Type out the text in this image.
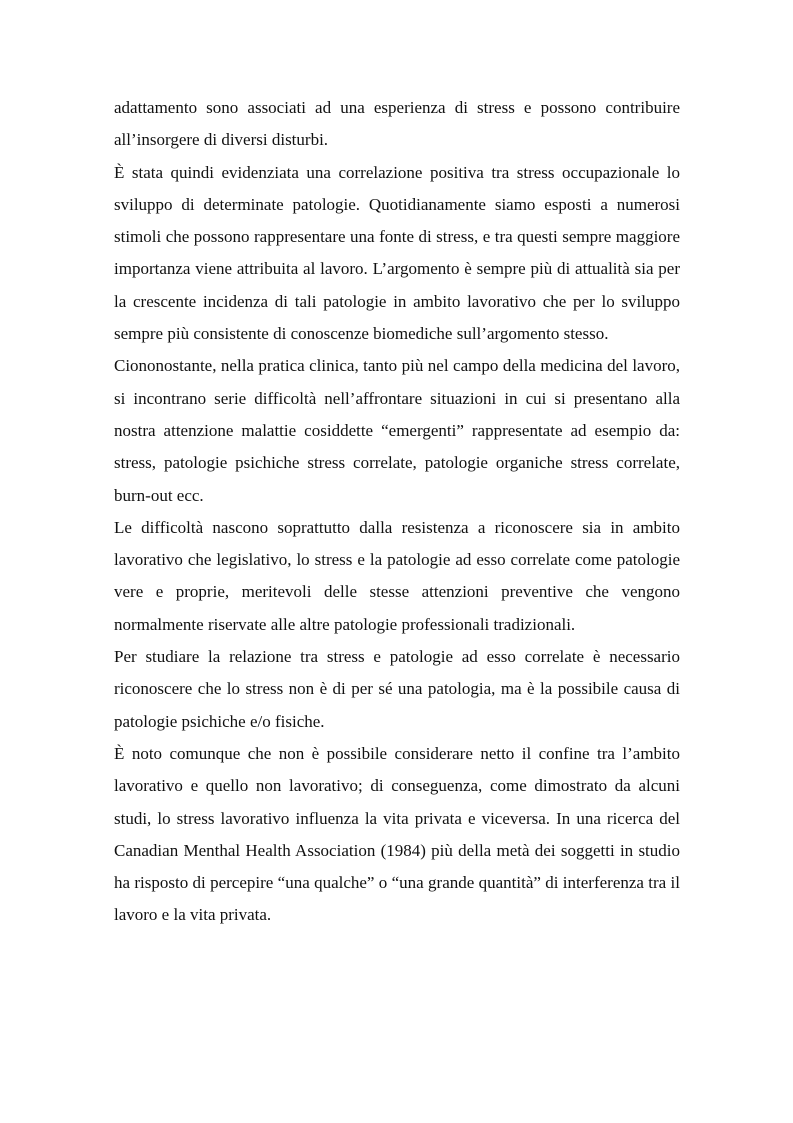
adattamento sono associati ad una esperienza di stress e possono contribuire all’insorgere di diversi disturbi.

È stata quindi evidenziata una correlazione positiva tra stress occupazionale lo sviluppo di determinate patologie. Quotidianamente siamo esposti a numerosi stimoli che possono rappresentare una fonte di stress, e tra questi sempre maggiore importanza viene attribuita al lavoro. L’argomento è sempre più di attualità sia per la crescente incidenza di tali patologie in ambito lavorativo che per lo sviluppo sempre più consistente di conoscenze biomediche sull’argomento stesso.

Ciononostante, nella pratica clinica, tanto più nel campo della medicina del lavoro, si incontrano serie difficoltà nell’affrontare situazioni in cui si presentano alla nostra attenzione malattie cosiddette “emergenti” rappresentate ad esempio da: stress, patologie psichiche stress correlate, patologie organiche stress correlate, burn-out ecc.

Le difficoltà nascono soprattutto dalla resistenza a riconoscere sia in ambito lavorativo che legislativo, lo stress e la patologie ad esso correlate come patologie vere e proprie, meritevoli delle stesse attenzioni preventive che vengono normalmente riservate alle altre patologie professionali tradizionali.

Per studiare la relazione tra stress e patologie ad esso correlate è necessario riconoscere che lo stress non è di per sé una patologia, ma è la possibile causa di patologie psichiche e/o fisiche.

È noto comunque che non è possibile considerare netto il confine tra l’ambito lavorativo e quello non lavorativo; di conseguenza, come dimostrato da alcuni studi, lo stress lavorativo influenza la vita privata e viceversa. In una ricerca del Canadian Menthal Health Association (1984) più della metà dei soggetti in studio ha risposto di percepire “una qualche” o “una grande quantità” di interferenza tra il lavoro e la vita privata.
